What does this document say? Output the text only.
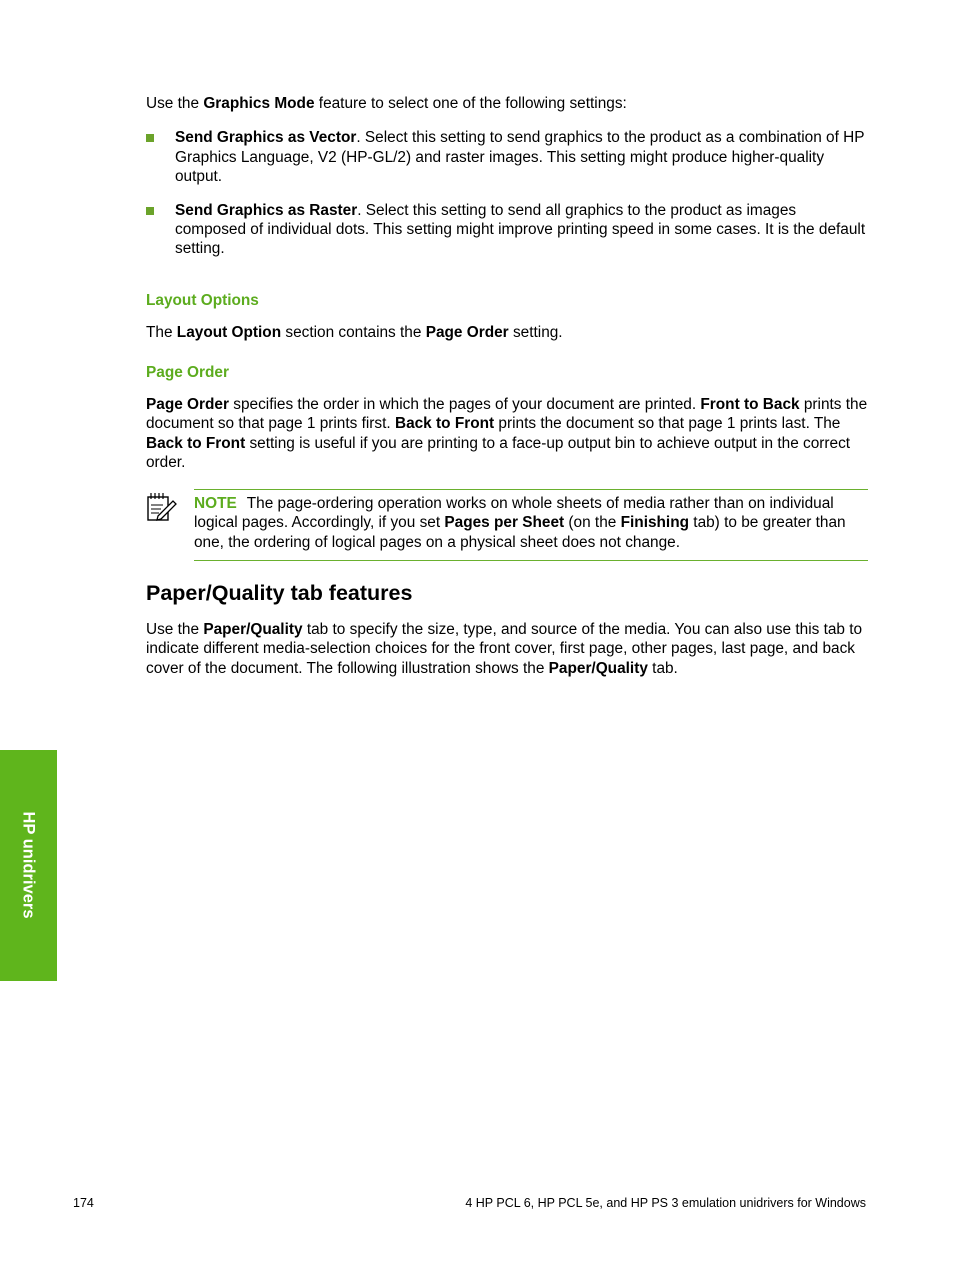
Use the Graphics Mode feature to select one of the following settings:

Send Graphics as Vector. Select this setting to send graphics to the product as a combination of HP Graphics Language, V2 (HP-GL/2) and raster images. This setting might produce higher-quality output.
Send Graphics as Raster. Select this setting to send all graphics to the product as images composed of individual dots. This setting might improve printing speed in some cases. It is the default setting.
Layout Options

The Layout Option section contains the Page Order setting.

Page Order

Page Order specifies the order in which the pages of your document are printed. Front to Back prints the document so that page 1 prints first. Back to Front prints the document so that page 1 prints last. The Back to Front setting is useful if you are printing to a face-up output bin to achieve output in the correct order.

NOTE The page-ordering operation works on whole sheets of media rather than on individual logical pages. Accordingly, if you set Pages per Sheet (on the Finishing tab) to be greater than one, the ordering of logical pages on a physical sheet does not change.
Paper/Quality tab features

Use the Paper/Quality tab to specify the size, type, and source of the media. You can also use this tab to indicate different media-selection choices for the front cover, first page, other pages, last page, and back cover of the document. The following illustration shows the Paper/Quality tab.

HP unidrivers
174	4 HP PCL 6, HP PCL 5e, and HP PS 3 emulation unidrivers for Windows
